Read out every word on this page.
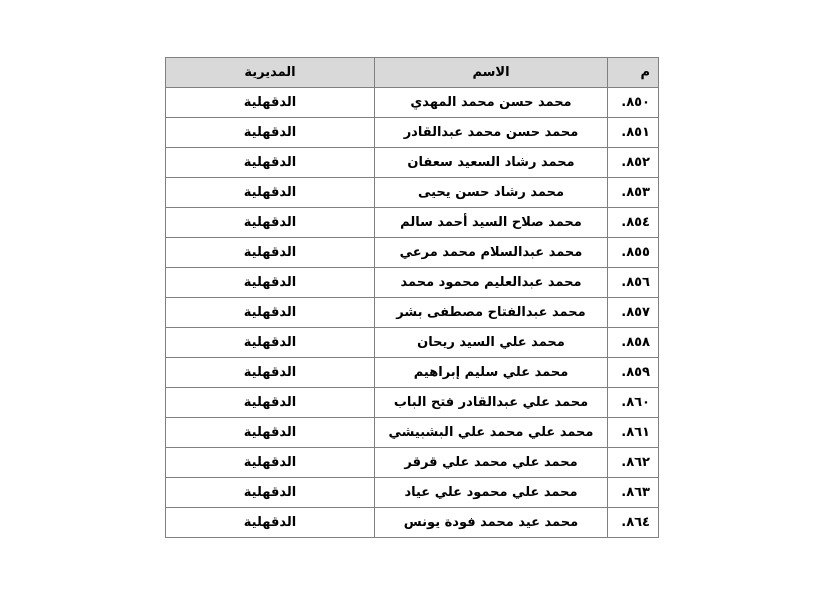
م	الاسم	المديرية
٨٥٠.	محمد حسن محمد المهدي	الدقهلية
٨٥١.	محمد حسن محمد عبدالقادر	الدقهلية
٨٥٢.	محمد رشاد السعيد سعفان	الدقهلية
٨٥٣.	محمد رشاد حسن يحيى	الدقهلية
٨٥٤.	محمد صلاح السيد أحمد سالم	الدقهلية
٨٥٥.	محمد عبدالسلام محمد مرعي	الدقهلية
٨٥٦.	محمد عبدالعليم محمود محمد	الدقهلية
٨٥٧.	محمد عبدالفتاح مصطفى بشر	الدقهلية
٨٥٨.	محمد علي السيد ريحان	الدقهلية
٨٥٩.	محمد علي سليم إبراهيم	الدقهلية
٨٦٠.	محمد علي عبدالقادر فتح الباب	الدقهلية
٨٦١.	محمد علي محمد علي البشبيشي	الدقهلية
٨٦٢.	محمد علي محمد علي قرقر	الدقهلية
٨٦٣.	محمد علي محمود علي عياد	الدقهلية
٨٦٤.	محمد عيد محمد فودة يونس	الدقهلية
